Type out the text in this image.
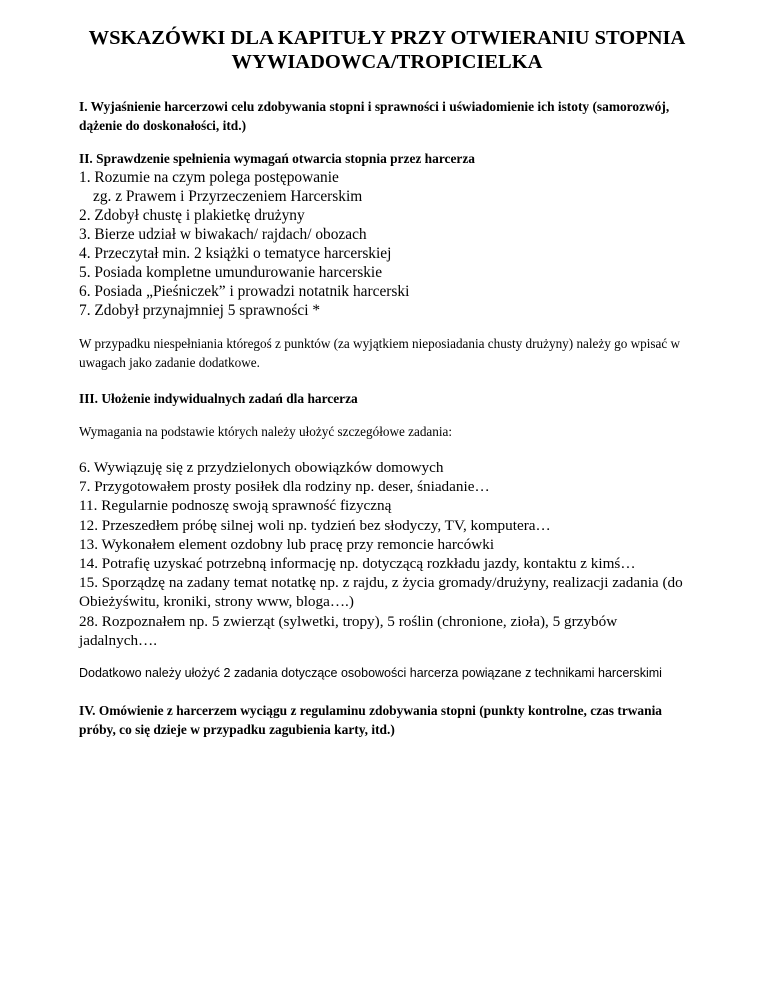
WSKAZÓWKI DLA KAPITUŁY PRZY OTWIERANIU STOPNIA
WYWIADOWCA/TROPICIELKA

I. Wyjaśnienie harcerzowi celu zdobywania stopni i sprawności i uświadomienie ich istoty (samorozwój, dążenie do doskonałości, itd.)

II. Sprawdzenie spełnienia wymagań otwarcia stopnia przez harcerza

1. Rozumie na czym polega postępowanie
zg. z Prawem i Przyrzeczeniem Harcerskim
2. Zdobył chustę i plakietkę drużyny
3. Bierze udział w biwakach/ rajdach/ obozach
4. Przeczytał min. 2 książki o tematyce harcerskiej
5. Posiada kompletne umundurowanie harcerskie
6. Posiada „Pieśniczek” i prowadzi notatnik harcerski
7. Zdobył przynajmniej 5 sprawności *

W przypadku niespełniania któregoś z punktów (za wyjątkiem nieposiadania chusty drużyny) należy go wpisać w uwagach jako zadanie dodatkowe.

III. Ułożenie indywidualnych zadań dla harcerza

Wymagania na podstawie których należy ułożyć szczegółowe zadania:

6. Wywiązuję się z przydzielonych obowiązków domowych
7. Przygotowałem prosty posiłek dla rodziny np. deser, śniadanie…
11. Regularnie podnoszę swoją sprawność fizyczną
12. Przeszedłem próbę silnej woli np. tydzień bez słodyczy, TV, komputera…
13. Wykonałem element ozdobny lub pracę przy remoncie harcówki
14. Potrafię uzyskać potrzebną informację np. dotyczącą rozkładu jazdy, kontaktu z kimś…
15. Sporządzę na zadany temat notatkę np. z rajdu, z życia gromady/drużyny, realizacji zadania (do Obieżyświtu, kroniki, strony www, bloga….)
28. Rozpoznałem np. 5 zwierząt (sylwetki, tropy), 5 roślin (chronione, zioła), 5 grzybów jadalnych….

Dodatkowo należy ułożyć 2 zadania dotyczące osobowości harcerza powiązane z technikami harcerskimi

IV. Omówienie z harcerzem wyciągu z regulaminu zdobywania stopni (punkty kontrolne, czas trwania próby, co się dzieje w przypadku zagubienia karty, itd.)
